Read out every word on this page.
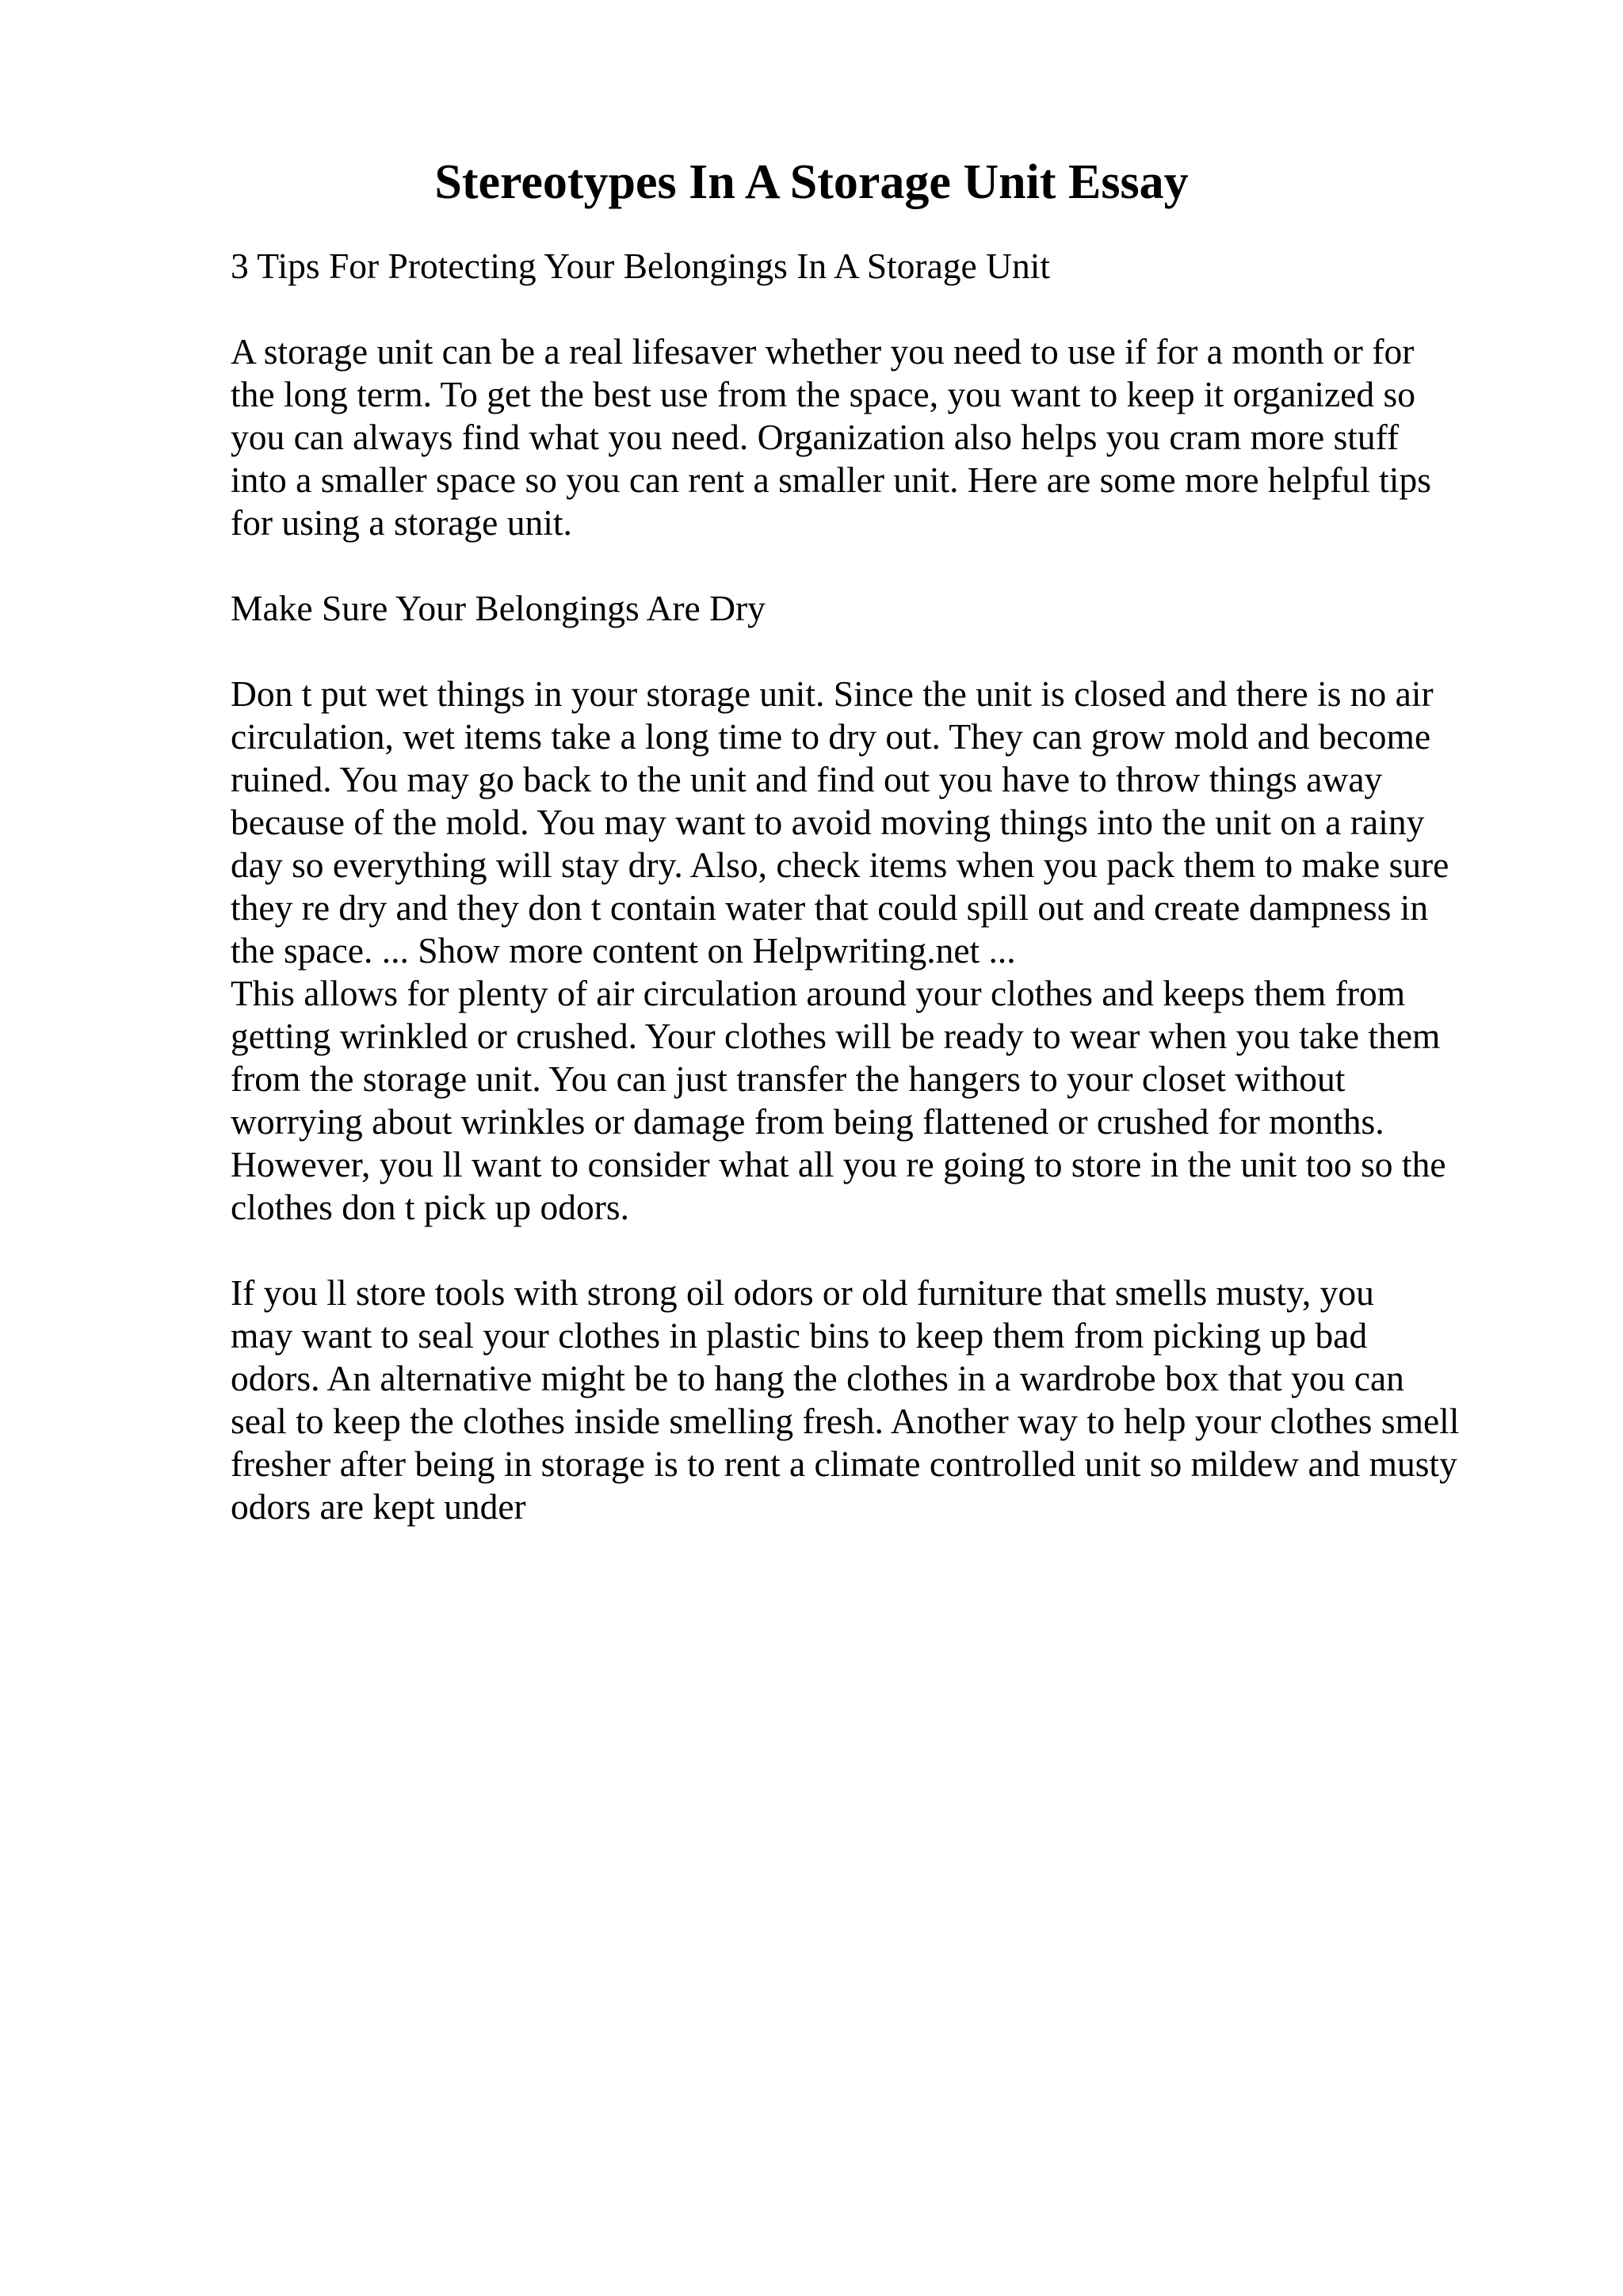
Stereotypes In A Storage Unit Essay

3 Tips For Protecting Your Belongings In A Storage Unit

A storage unit can be a real lifesaver whether you need to use if for a month or for
the long term. To get the best use from the space, you want to keep it organized so
you can always find what you need. Organization also helps you cram more stuff
into a smaller space so you can rent a smaller unit. Here are some more helpful tips
for using a storage unit.

Make Sure Your Belongings Are Dry

Don t put wet things in your storage unit. Since the unit is closed and there is no air
circulation, wet items take a long time to dry out. They can grow mold and become
ruined. You may go back to the unit and find out you have to throw things away
because of the mold. You may want to avoid moving things into the unit on a rainy
day so everything will stay dry. Also, check items when you pack them to make sure
they re dry and they don t contain water that could spill out and create dampness in
the space. ... Show more content on Helpwriting.net ...

This allows for plenty of air circulation around your clothes and keeps them from
getting wrinkled or crushed. Your clothes will be ready to wear when you take them
from the storage unit. You can just transfer the hangers to your closet without
worrying about wrinkles or damage from being flattened or crushed for months.
However, you ll want to consider what all you re going to store in the unit too so the
clothes don t pick up odors.

If you ll store tools with strong oil odors or old furniture that smells musty, you
may want to seal your clothes in plastic bins to keep them from picking up bad
odors. An alternative might be to hang the clothes in a wardrobe box that you can
seal to keep the clothes inside smelling fresh. Another way to help your clothes smell
fresher after being in storage is to rent a climate controlled unit so mildew and musty
odors are kept under
